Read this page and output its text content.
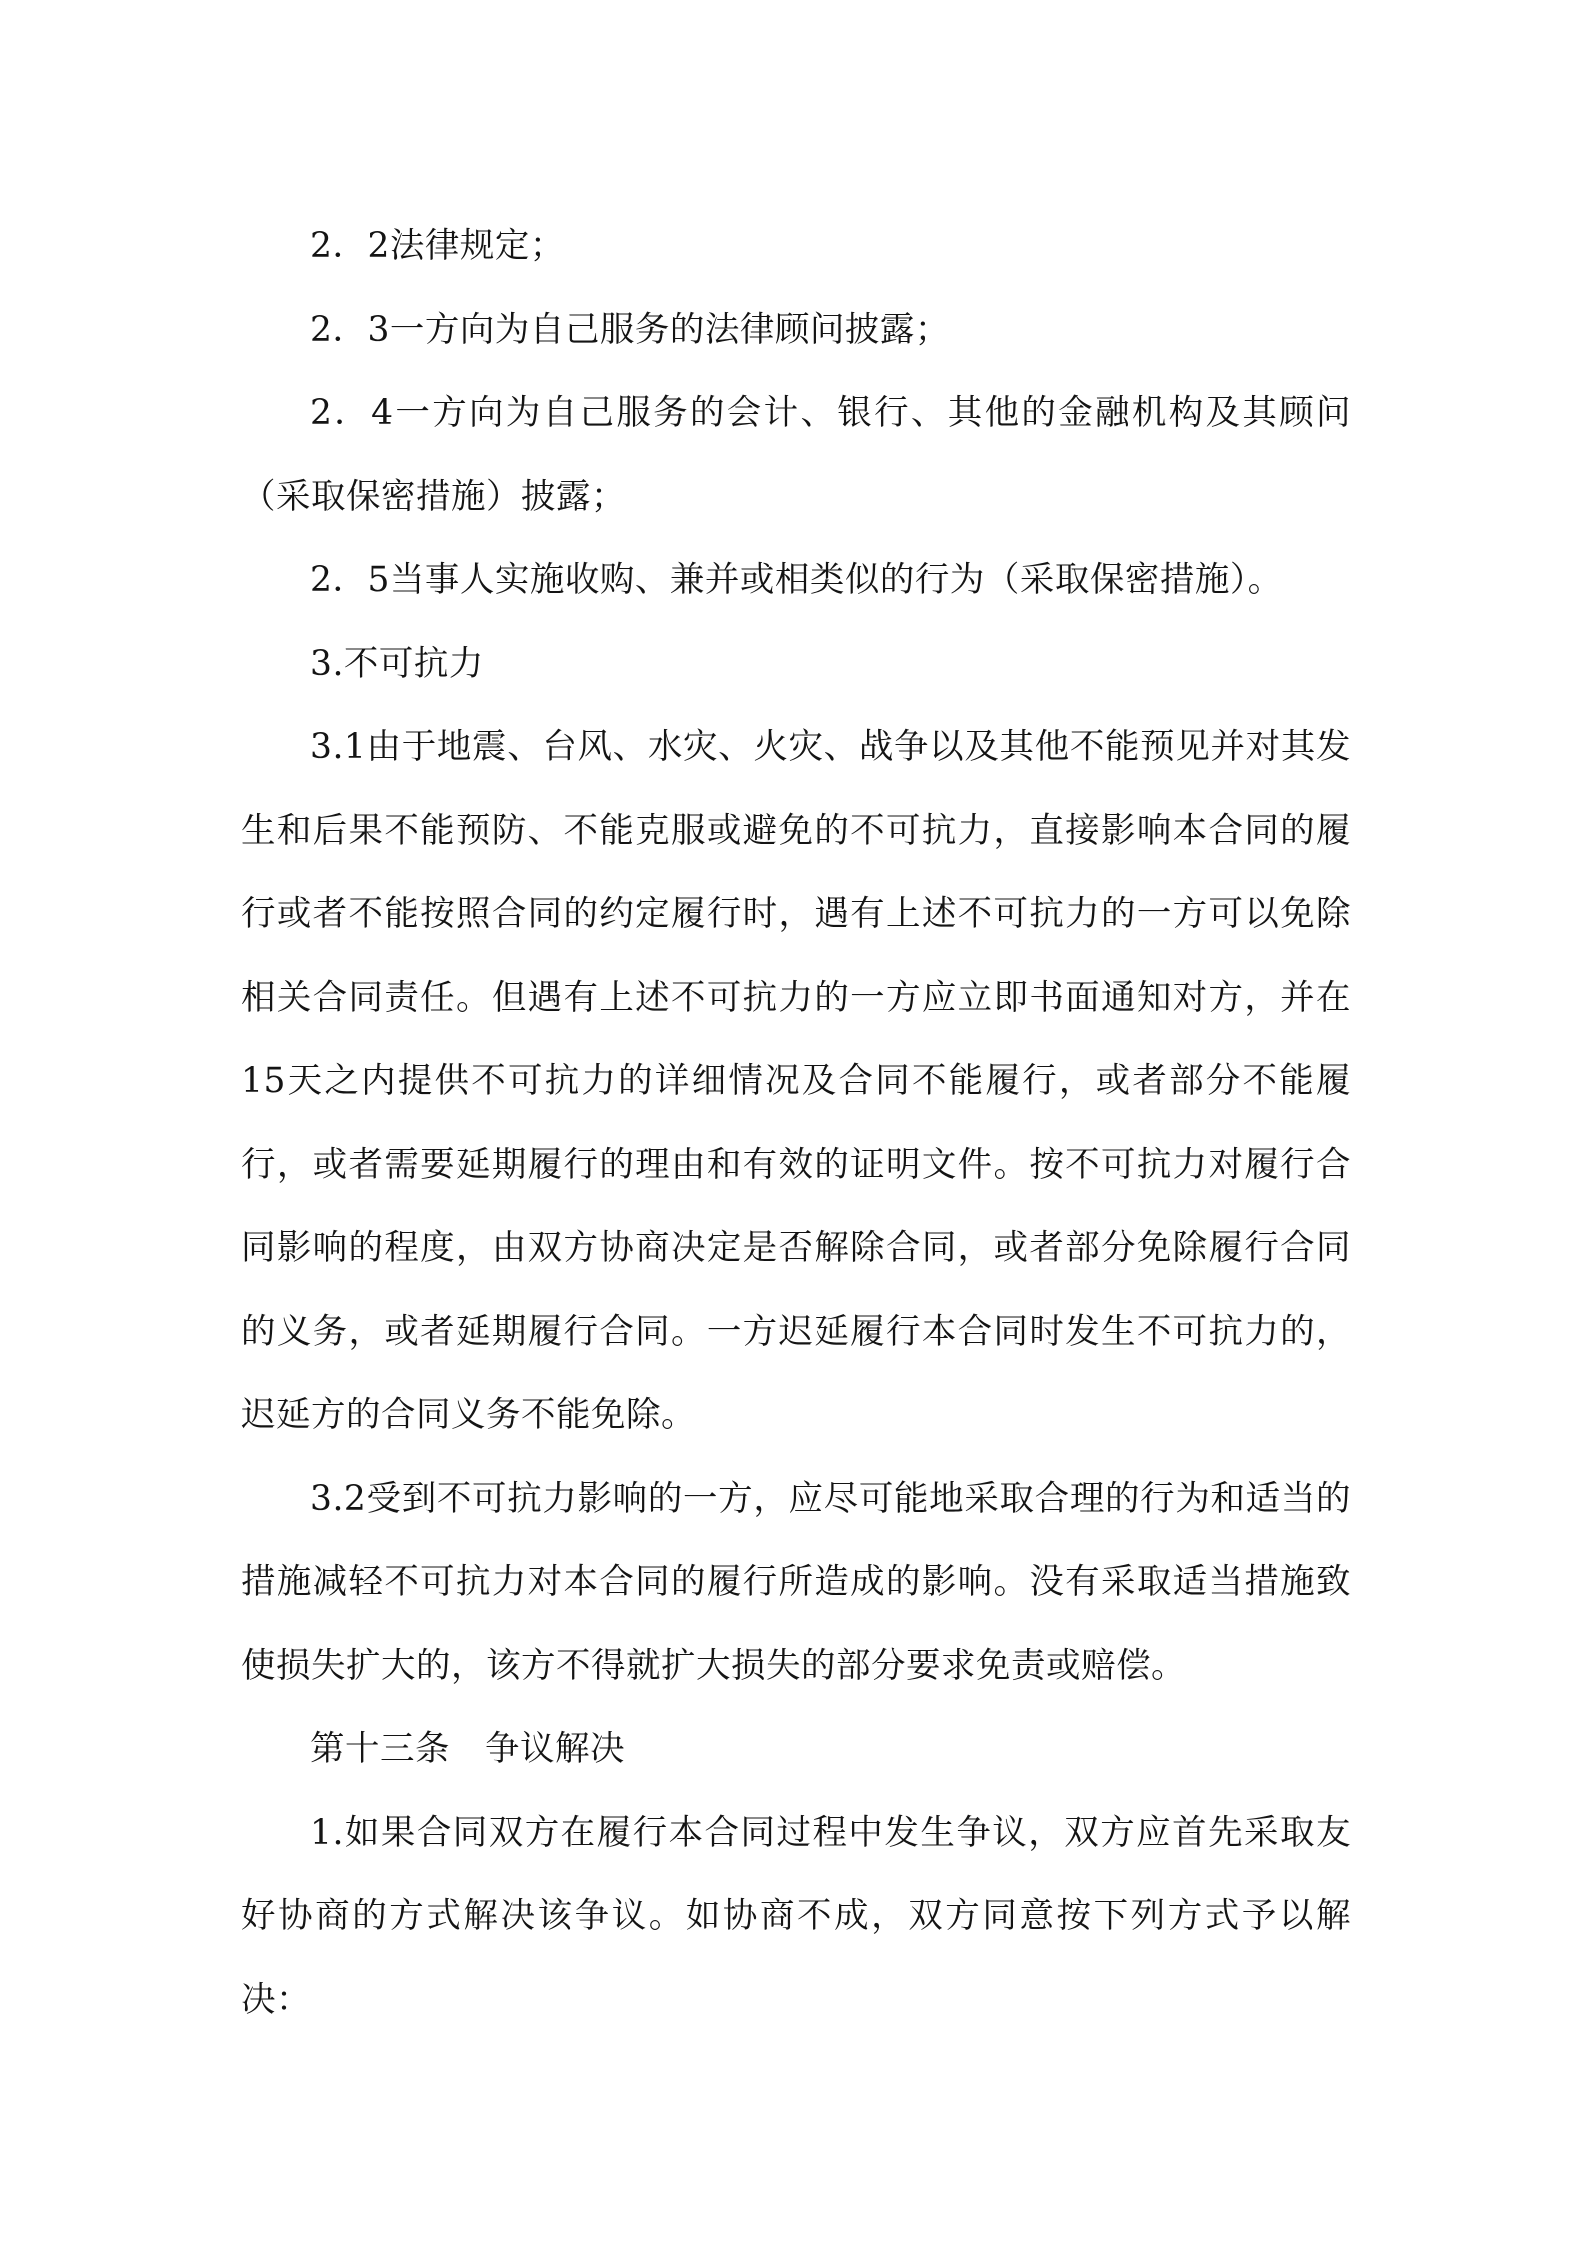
2．2法律规定；

2．3一方向为自己服务的法律顾问披露；

2．4一方向为自己服务的会计、银行、其他的金融机构及其顾问（采取保密措施）披露；

2．5当事人实施收购、兼并或相类似的行为（采取保密措施）。

3.不可抗力

3.1由于地震、台风、水灾、火灾、战争以及其他不能预见并对其发生和后果不能预防、不能克服或避免的不可抗力，直接影响本合同的履行或者不能按照合同的约定履行时，遇有上述不可抗力的一方可以免除相关合同责任。但遇有上述不可抗力的一方应立即书面通知对方，并在15天之内提供不可抗力的详细情况及合同不能履行，或者部分不能履行，或者需要延期履行的理由和有效的证明文件。按不可抗力对履行合同影响的程度，由双方协商决定是否解除合同，或者部分免除履行合同的义务，或者延期履行合同。一方迟延履行本合同时发生不可抗力的，迟延方的合同义务不能免除。

3.2受到不可抗力影响的一方，应尽可能地采取合理的行为和适当的措施减轻不可抗力对本合同的履行所造成的影响。没有采取适当措施致使损失扩大的，该方不得就扩大损失的部分要求免责或赔偿。

第十三条　争议解决

1.如果合同双方在履行本合同过程中发生争议，双方应首先采取友好协商的方式解决该争议。如协商不成，双方同意按下列方式予以解决：
